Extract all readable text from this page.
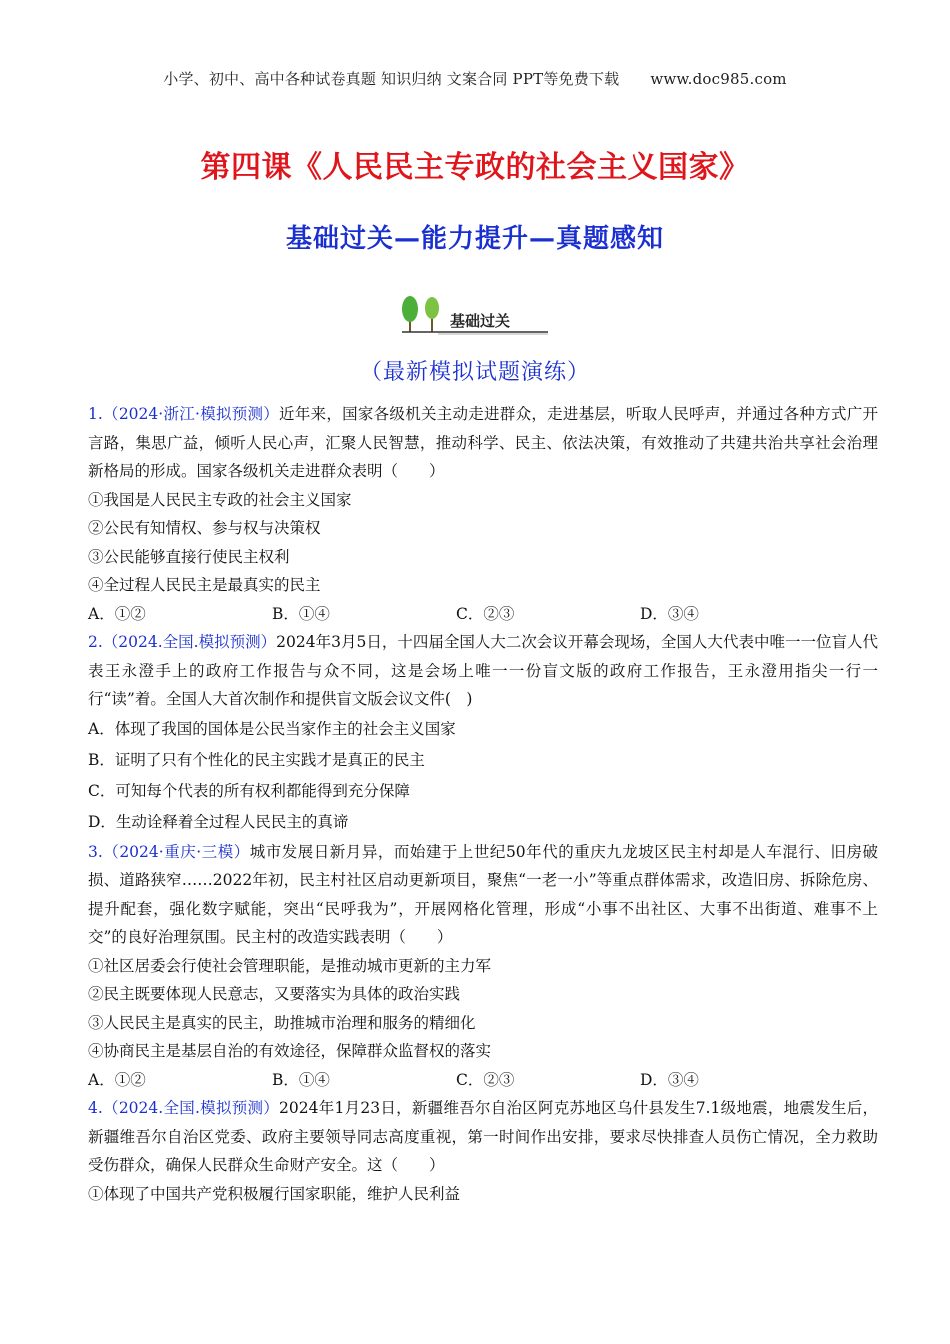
小学、初中、高中各种试卷真题 知识归纳 文案合同 PPT等免费下载 www.doc985.com
第四课《人民民主专政的社会主义国家》
基础过关—能力提升—真题感知
基础过关
（最新模拟试题演练）

1.（2024·浙江·模拟预测）近年来，国家各级机关主动走进群众，走进基层，听取人民呼声，并通过各种方式广开言路，集思广益，倾听人民心声，汇聚人民智慧，推动科学、民主、依法决策，有效推动了共建共治共享社会治理新格局的形成。国家各级机关走进群众表明（　　）

①我国是人民民主专政的社会主义国家

②公民有知情权、参与权与决策权

③公民能够直接行使民主权利

④全过程人民民主是最真实的民主

A．①②	B．①④	C．②③	D．③④

2.（2024.全国.模拟预测）2024年3月5日，十四届全国人大二次会议开幕会现场，全国人大代表中唯一一位盲人代表王永澄手上的政府工作报告与众不同，这是会场上唯一一份盲文版的政府工作报告，王永澄用指尖一行一行“读”着。全国人大首次制作和提供盲文版会议文件(　)

A．体现了我国的国体是公民当家作主的社会主义国家

B．证明了只有个性化的民主实践才是真正的民主

C．可知每个代表的所有权利都能得到充分保障

D．生动诠释着全过程人民民主的真谛

3.（2024·重庆·三模）城市发展日新月异，而始建于上世纪50年代的重庆九龙坡区民主村却是人车混行、旧房破损、道路狭窄……2022年初，民主村社区启动更新项目，聚焦“一老一小”等重点群体需求，改造旧房、拆除危房、提升配套，强化数字赋能，突出“民呼我为”，开展网格化管理，形成“小事不出社区、大事不出街道、难事不上交”的良好治理氛围。民主村的改造实践表明（　　）

①社区居委会行使社会管理职能，是推动城市更新的主力军

②民主既要体现人民意志，又要落实为具体的政治实践

③人民民主是真实的民主，助推城市治理和服务的精细化

④协商民主是基层自治的有效途径，保障群众监督权的落实

A．①②	B．①④	C．②③	D．③④

4.（2024.全国.模拟预测）2024年1月23日，新疆维吾尔自治区阿克苏地区乌什县发生7.1级地震，地震发生后，新疆维吾尔自治区党委、政府主要领导同志高度重视，第一时间作出安排，要求尽快排查人员伤亡情况，全力救助受伤群众，确保人民群众生命财产安全。这（　　）

①体现了中国共产党积极履行国家职能，维护人民利益
